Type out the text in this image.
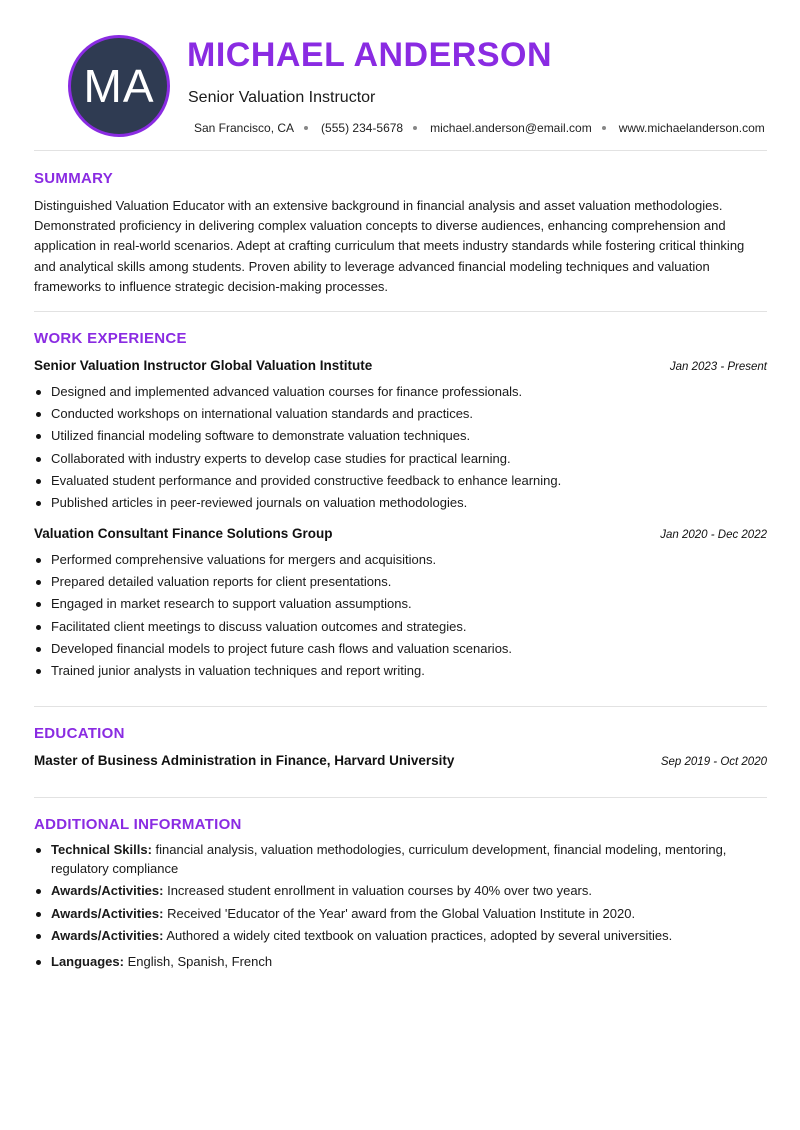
MA
MICHAEL ANDERSON
Senior Valuation Instructor
San Francisco, CA (555) 234-5678 michael.anderson@email.com www.michaelanderson.com
SUMMARY

Distinguished Valuation Educator with an extensive background in financial analysis and asset valuation methodologies. Demonstrated proficiency in delivering complex valuation concepts to diverse audiences, enhancing comprehension and application in real-world scenarios. Adept at crafting curriculum that meets industry standards while fostering critical thinking and analytical skills among students. Proven ability to leverage advanced financial modeling techniques and valuation frameworks to influence strategic decision-making processes.

WORK EXPERIENCE
Senior Valuation Instructor Global Valuation Institute	Jan 2023 - Present
Designed and implemented advanced valuation courses for finance professionals.
Conducted workshops on international valuation standards and practices.
Utilized financial modeling software to demonstrate valuation techniques.
Collaborated with industry experts to develop case studies for practical learning.
Evaluated student performance and provided constructive feedback to enhance learning.
Published articles in peer-reviewed journals on valuation methodologies.
Valuation Consultant Finance Solutions Group	Jan 2020 - Dec 2022
Performed comprehensive valuations for mergers and acquisitions.
Prepared detailed valuation reports for client presentations.
Engaged in market research to support valuation assumptions.
Facilitated client meetings to discuss valuation outcomes and strategies.
Developed financial models to project future cash flows and valuation scenarios.
Trained junior analysts in valuation techniques and report writing.
EDUCATION
Master of Business Administration in Finance, Harvard University	Sep 2019 - Oct 2020
ADDITIONAL INFORMATION
Technical Skills: financial analysis, valuation methodologies, curriculum development, financial modeling, mentoring, regulatory compliance
Awards/Activities: Increased student enrollment in valuation courses by 40% over two years.
Awards/Activities: Received 'Educator of the Year' award from the Global Valuation Institute in 2020.
Awards/Activities: Authored a widely cited textbook on valuation practices, adopted by several universities.
Languages: English, Spanish, French
